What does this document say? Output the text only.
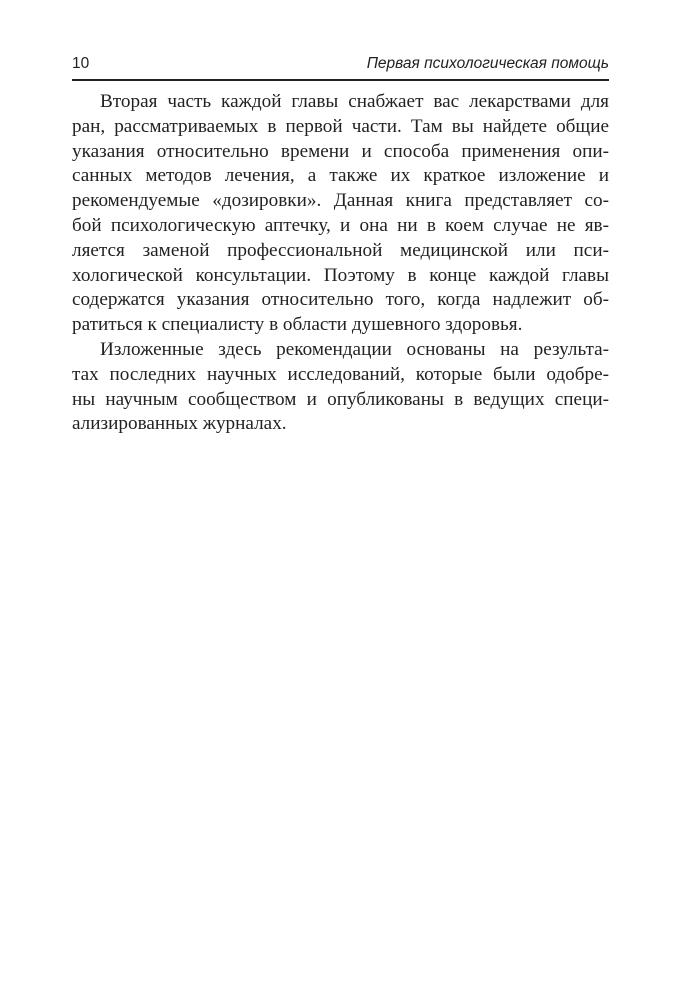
10	Первая психологическая помощь
Вторая часть каждой главы снабжает вас лекарствами для
ран, рассматриваемых в первой части. Там вы найдете общие
указания относительно времени и способа применения опи-
санных методов лечения, а также их краткое изложение и
рекомендуемые «дозировки». Данная книга представляет со-
бой психологическую аптечку, и она ни в коем случае не яв-
ляется заменой профессиональной медицинской или пси-
хологической консультации. Поэтому в конце каждой главы
содержатся указания относительно того, когда надлежит об-
ратиться к специалисту в области душевного здоровья.
Изложенные здесь рекомендации основаны на результа-
тах последних научных исследований, которые были одобре-
ны научным сообществом и опубликованы в ведущих специ-
ализированных журналах.
